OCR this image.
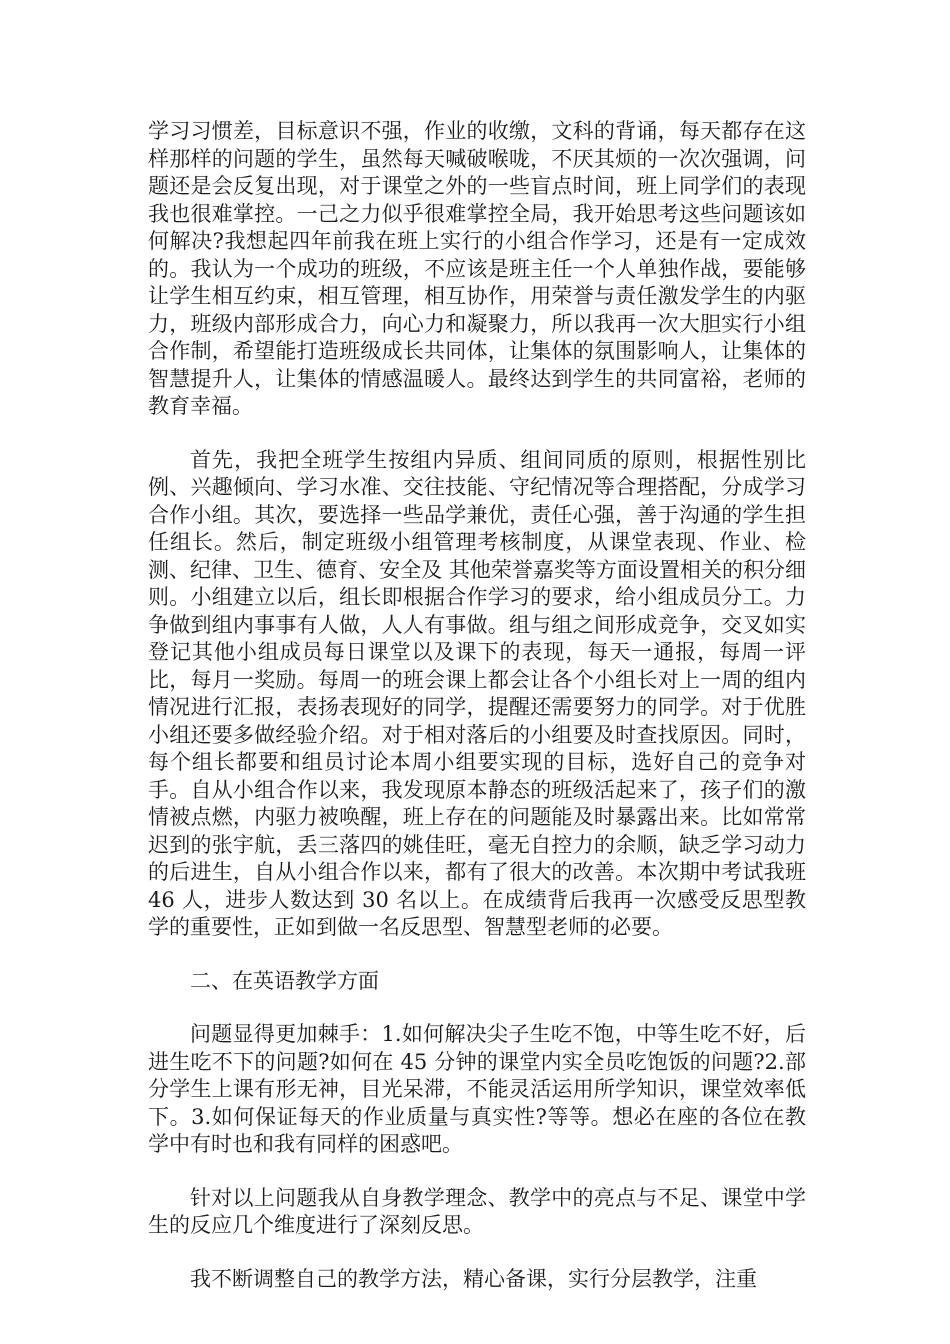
学习习惯差，目标意识不强，作业的收缴，文科的背诵，每天都存在这样那样的问题的学生，虽然每天喊破喉咙，不厌其烦的一次次强调，问题还是会反复出现，对于课堂之外的一些盲点时间，班上同学们的表现我也很难掌控。一己之力似乎很难掌控全局，我开始思考这些问题该如何解决?我想起四年前我在班上实行的小组合作学习，还是有一定成效的。我认为一个成功的班级，不应该是班主任一个人单独作战，要能够让学生相互约束，相互管理，相互协作，用荣誉与责任激发学生的内驱力，班级内部形成合力，向心力和凝聚力，所以我再一次大胆实行小组合作制，希望能打造班级成长共同体，让集体的氛围影响人，让集体的智慧提升人，让集体的情感温暖人。最终达到学生的共同富裕，老师的教育幸福。

首先，我把全班学生按组内异质、组间同质的原则，根据性别比例、兴趣倾向、学习水准、交往技能、守纪情况等合理搭配，分成学习合作小组。其次，要选择一些品学兼优，责任心强，善于沟通的学生担任组长。然后，制定班级小组管理考核制度，从课堂表现、作业、检测、纪律、卫生、德育、安全及 其他荣誉嘉奖等方面设置相关的积分细则。小组建立以后，组长即根据合作学习的要求，给小组成员分工。力争做到组内事事有人做，人人有事做。组与组之间形成竞争，交叉如实登记其他小组成员每日课堂以及课下的表现，每天一通报，每周一评比，每月一奖励。每周一的班会课上都会让各个小组长对上一周的组内情况进行汇报，表扬表现好的同学，提醒还需要努力的同学。对于优胜小组还要多做经验介绍。对于相对落后的小组要及时查找原因。同时，每个组长都要和组员讨论本周小组要实现的目标，选好自己的竞争对手。自从小组合作以来，我发现原本静态的班级活起来了，孩子们的激情被点燃，内驱力被唤醒，班上存在的问题能及时暴露出来。比如常常迟到的张宇航，丢三落四的姚佳旺，毫无自控力的余顺，缺乏学习动力的后进生，自从小组合作以来，都有了很大的改善。本次期中考试我班 46 人，进步人数达到 30 名以上。在成绩背后我再一次感受反思型教学的重要性，正如到做一名反思型、智慧型老师的必要。

二、在英语教学方面

问题显得更加棘手：1.如何解决尖子生吃不饱，中等生吃不好，后进生吃不下的问题?如何在 45 分钟的课堂内实全员吃饱饭的问题?2.部分学生上课有形无神，目光呆滞，不能灵活运用所学知识，课堂效率低下。3.如何保证每天的作业质量与真实性?等等。想必在座的各位在教学中有时也和我有同样的困惑吧。

针对以上问题我从自身教学理念、教学中的亮点与不足、课堂中学生的反应几个维度进行了深刻反思。

我不断调整自己的教学方法，精心备课，实行分层教学，注重
